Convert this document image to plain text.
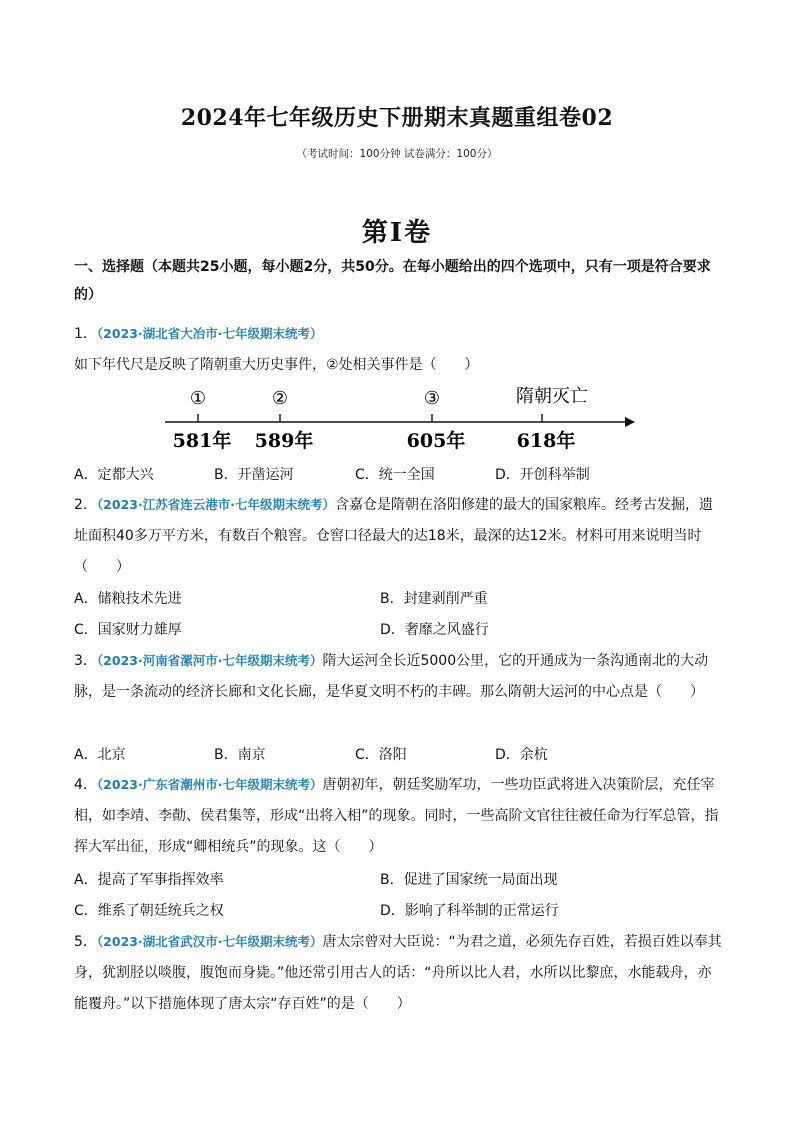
2024年七年级历史下册期末真题重组卷02
（考试时间：100分钟 试卷满分：100分）
第Ⅰ卷
一、选择题（本题共25小题，每小题2分，共50分。在每小题给出的四个选项中，只有一项是符合要求的）
1．（2023·湖北省大冶市·七年级期末统考）如下年代尺是反映了隋朝重大历史事件，②处相关事件是（　　）
①	②	③	隋朝灭亡
581年 589年	605年	618年
A．定都大兴	B．开凿运河	C．统一全国	D．开创科举制
2．（2023·江苏省连云港市·七年级期末统考）含嘉仓是隋朝在洛阳修建的最大的国家粮库。经考古发掘，遗址面积40多万平方米，有数百个粮窖。仓窖口径最大的达18米，最深的达12米。材料可用来说明当时（　　）
A．储粮技术先进	B．封建剥削严重
C．国家财力雄厚	D．奢靡之风盛行
3．（2023·河南省漯河市·七年级期末统考）隋大运河全长近5000公里，它的开通成为一条沟通南北的大动脉，是一条流动的经济长廊和文化长廊，是华夏文明不朽的丰碑。那么隋朝大运河的中心点是（　　）
A．北京	B．南京	C．洛阳	D．余杭
4．（2023·广东省潮州市·七年级期末统考）唐朝初年，朝廷奖励军功，一些功臣武将进入决策阶层，充任宰相，如李靖、李勣、侯君集等，形成“出将入相”的现象。同时，一些高阶文官往往被任命为行军总管，指挥大军出征，形成“卿相统兵”的现象。这（　　）
A．提高了军事指挥效率	B．促进了国家统一局面出现
C．维系了朝廷统兵之权	D．影响了科举制的正常运行
5．（2023·湖北省武汉市·七年级期末统考）唐太宗曾对大臣说：“为君之道，必须先存百姓，若损百姓以奉其身，犹割胫以啖腹，腹饱而身毙。”他还常引用古人的话：“舟所以比人君，水所以比黎庶，水能载舟，亦能覆舟。”以下措施体现了唐太宗“存百姓”的是（　　）
